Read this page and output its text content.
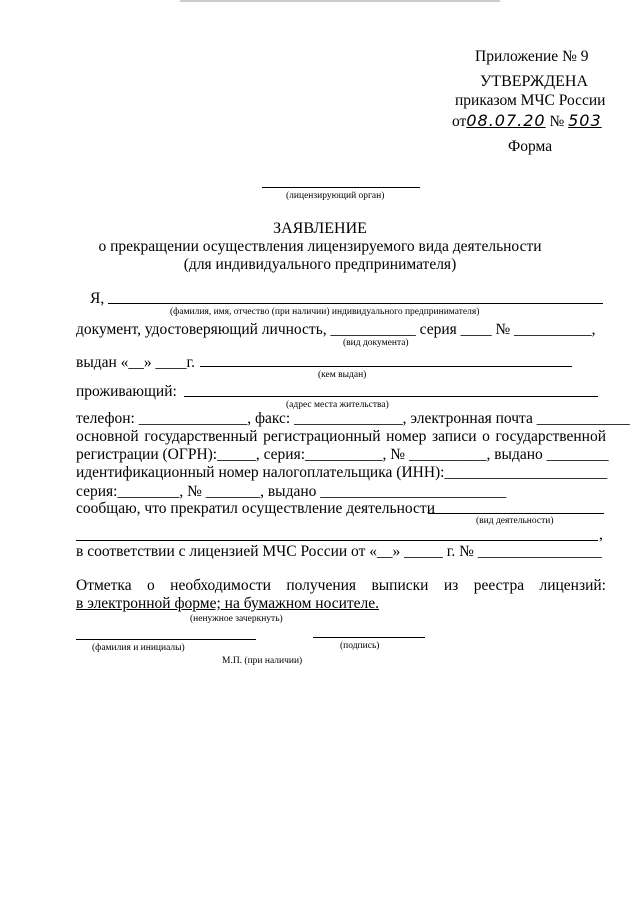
Приложение № 9
УТВЕРЖДЕНА
приказом МЧС России
от08.07.20 № 503
Форма
(лицензирующий орган)
ЗАЯВЛЕНИЕ
о прекращении осуществления лицензируемого вида деятельности
(для индивидуального предпринимателя)
Я,
(фамилия, имя, отчество (при наличии) индивидуального предпринимателя)
документ, удостоверяющий личность, ___________ серия ____ № __________,
(вид документа)
выдан «__» ____г.
(кем выдан)
проживающий:
(адрес места жительства)
телефон: ______________, факс: ______________, электронная почта ____________
основной государственный регистрационный номер записи о государственной
регистрации (ОГРН):_____, серия:__________, № __________, выдано ________
идентификационный номер налогоплательщика (ИНН):_____________________
серия:________, № _______, выдано ________________________
сообщаю, что прекратил осуществление деятельности
(вид деятельности)
,
в соответствии с лицензией МЧС России от «__» _____ г. № ________________
Отметка о необходимости получения выписки из реестра лицензий:
в электронной форме; на бумажном носителе.
(ненужное зачеркнуть)
(фамилия и инициалы)	(подпись)
М.П. (при наличии)
